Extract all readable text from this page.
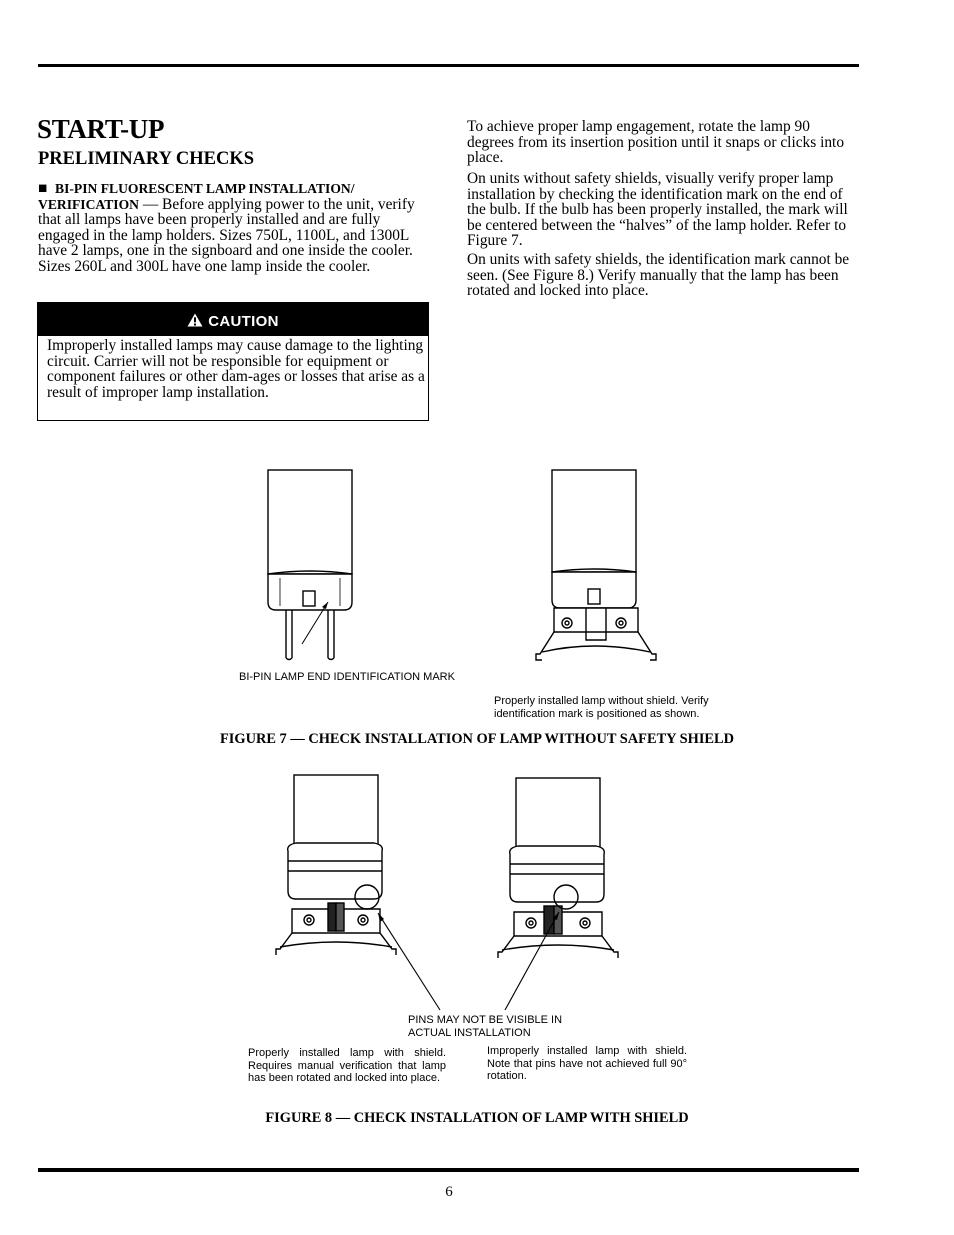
START-UP
PRELIMINARY CHECKS

■ BI-PIN FLUORESCENT LAMP INSTALLATION/ VERIFICATION — Before applying power to the unit, verify that all lamps have been properly installed and are fully engaged in the lamp holders. Sizes 750L, 1100L, and 1300L have 2 lamps, one in the signboard and one inside the cooler. Sizes 260L and 300L have one lamp inside the cooler.

CAUTION

Improperly installed lamps may cause damage to the lighting circuit. Carrier will not be responsible for equipment or component failures or other dam-ages or losses that arise as a result of improper lamp installation.

To achieve proper lamp engagement, rotate the lamp 90 degrees from its insertion position until it snaps or clicks into place.

On units without safety shields, visually verify proper lamp installation by checking the identification mark on the end of the bulb. If the bulb has been properly installed, the mark will be centered between the “halves” of the lamp holder. Refer to Figure 7.

On units with safety shields, the identification mark cannot be seen. (See Figure 8.) Verify manually that the lamp has been rotated and locked into place.

BI-PIN LAMP END IDENTIFICATION MARK

Properly installed lamp without shield. Verify identification mark is positioned as shown.

FIGURE 7 — CHECK INSTALLATION OF LAMP WITHOUT SAFETY SHIELD

PINS MAY NOT BE VISIBLE IN ACTUAL INSTALLATION

Properly installed lamp with shield. Requires manual verification that lamp has been rotated and locked into place.

Improperly installed lamp with shield. Note that pins have not achieved full 90° rotation.

FIGURE 8 — CHECK INSTALLATION OF LAMP WITH SHIELD

6
